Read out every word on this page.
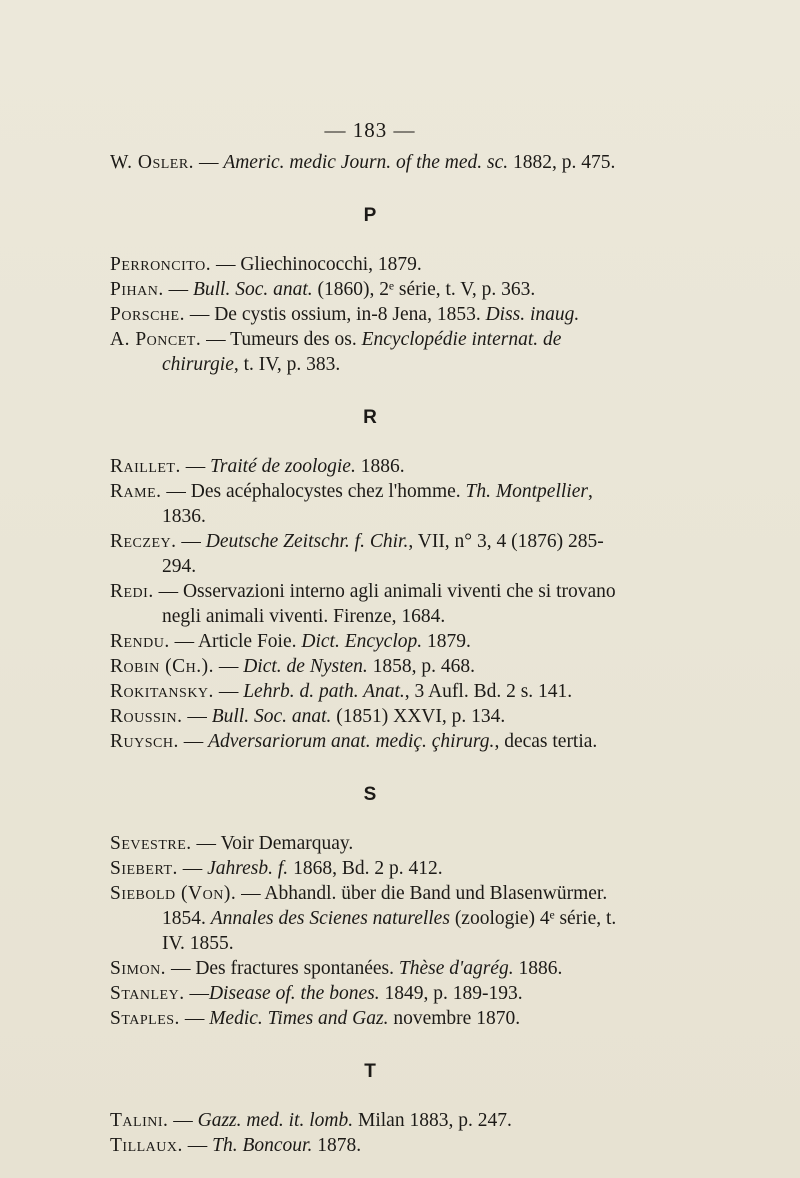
— 183 —

W. Osler. — Americ. medic Journ. of the med. sc. 1882, p. 475.

P

Perroncito. — Gliechinococchi, 1879.

Pihan. — Bull. Soc. anat. (1860), 2ᵉ série, t. V, p. 363.

Porsche. — De cystis ossium, in-8 Jena, 1853. Diss. inaug.

A. Poncet. — Tumeurs des os. Encyclopédie internat. de chirurgie, t. IV, p. 383.

R

Raillet. — Traité de zoologie. 1886.

Rame. — Des acéphalocystes chez l'homme. Th. Montpellier, 1836.

Reczey. — Deutsche Zeitschr. f. Chir., VII, n° 3, 4 (1876) 285-294.

Redi. — Osservazioni interno agli animali viventi che si trovano negli animali viventi. Firenze, 1684.

Rendu. — Article Foie. Dict. Encyclop. 1879.

Robin (Ch.). — Dict. de Nysten. 1858, p. 468.

Rokitansky. — Lehrb. d. path. Anat., 3 Aufl. Bd. 2 s. 141.

Roussin. — Bull. Soc. anat. (1851) XXVI, p. 134.

Ruysch. — Adversariorum anat. mediç. çhirurg., decas tertia.

S

Sevestre. — Voir Demarquay.

Siebert. — Jahresb. f. 1868, Bd. 2 p. 412.

Siebold (Von). — Abhandl. über die Band und Blasenwürmer. 1854. Annales des Scienes naturelles (zoologie) 4ᵉ série, t. IV. 1855.

Simon. — Des fractures spontanées. Thèse d'agrég. 1886.

Stanley. —Disease of. the bones. 1849, p. 189-193.

Staples. — Medic. Times and Gaz. novembre 1870.

T

Talini. — Gazz. med. it. lomb. Milan 1883, p. 247.

Tillaux. — Th. Boncour. 1878.
